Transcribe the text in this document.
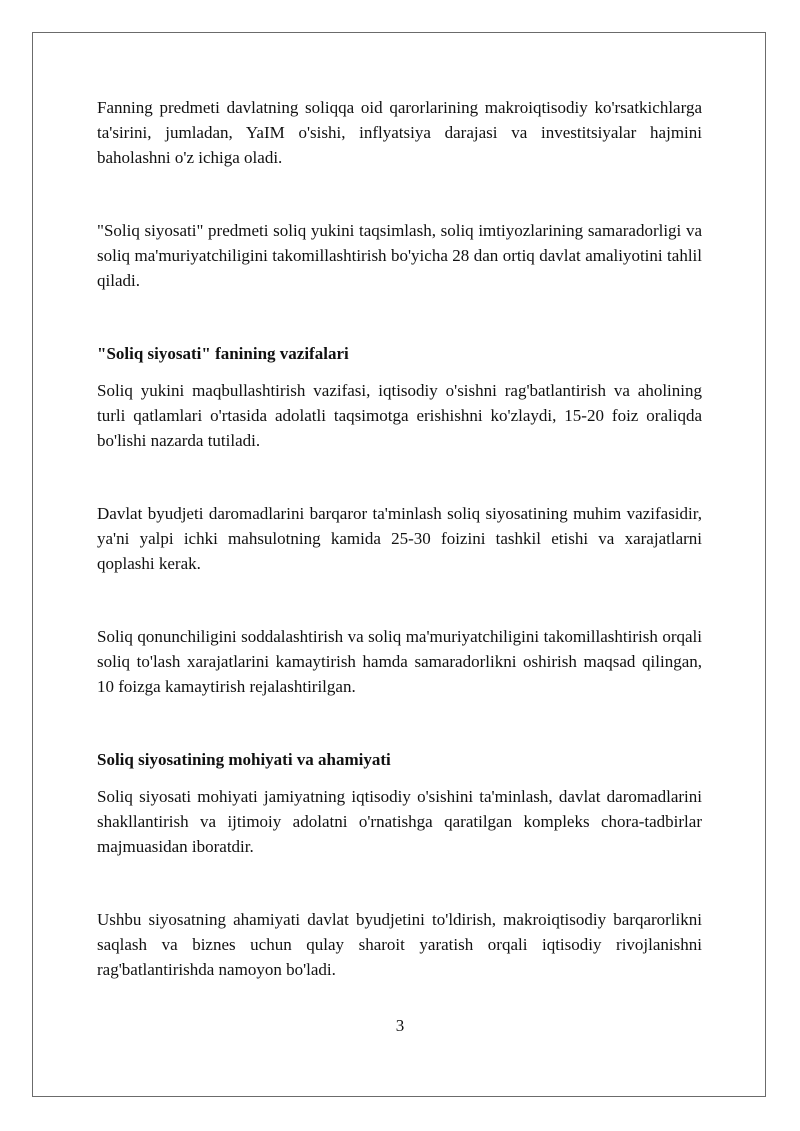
Fanning predmeti davlatning soliqqa oid qarorlarining makroiqtisodiy ko'rsatkichlarga ta'sirini, jumladan, YaIM o'sishi, inflyatsiya darajasi va investitsiyalar hajmini baholashni o'z ichiga oladi.

"Soliq siyosati" predmeti soliq yukini taqsimlash, soliq imtiyozlarining samaradorligi va soliq ma'muriyatchiligini takomillashtirish bo'yicha 28 dan ortiq davlat amaliyotini tahlil qiladi.

"Soliq siyosati" fanining vazifalari

Soliq yukini maqbullashtirish vazifasi, iqtisodiy o'sishni rag'batlantirish va aholining turli qatlamlari o'rtasida adolatli taqsimotga erishishni ko'zlaydi, 15-20 foiz oraliqda bo'lishi nazarda tutiladi.

Davlat byudjeti daromadlarini barqaror ta'minlash soliq siyosatining muhim vazifasidir, ya'ni yalpi ichki mahsulotning kamida 25-30 foizini tashkil etishi va xarajatlarni qoplashi kerak.

Soliq qonunchiligini soddalashtirish va soliq ma'muriyatchiligini takomillashtirish orqali soliq to'lash xarajatlarini kamaytirish hamda samaradorlikni oshirish maqsad qilingan, 10 foizga kamaytirish rejalashtirilgan.

Soliq siyosatining mohiyati va ahamiyati

Soliq siyosati mohiyati jamiyatning iqtisodiy o'sishini ta'minlash, davlat daromadlarini shakllantirish va ijtimoiy adolatni o'rnatishga qaratilgan kompleks chora-tadbirlar majmuasidan iboratdir.

Ushbu siyosatning ahamiyati davlat byudjetini to'ldirish, makroiqtisodiy barqarorlikni saqlash va biznes uchun qulay sharoit yaratish orqali iqtisodiy rivojlanishni rag'batlantirishda namoyon bo'ladi.

3
